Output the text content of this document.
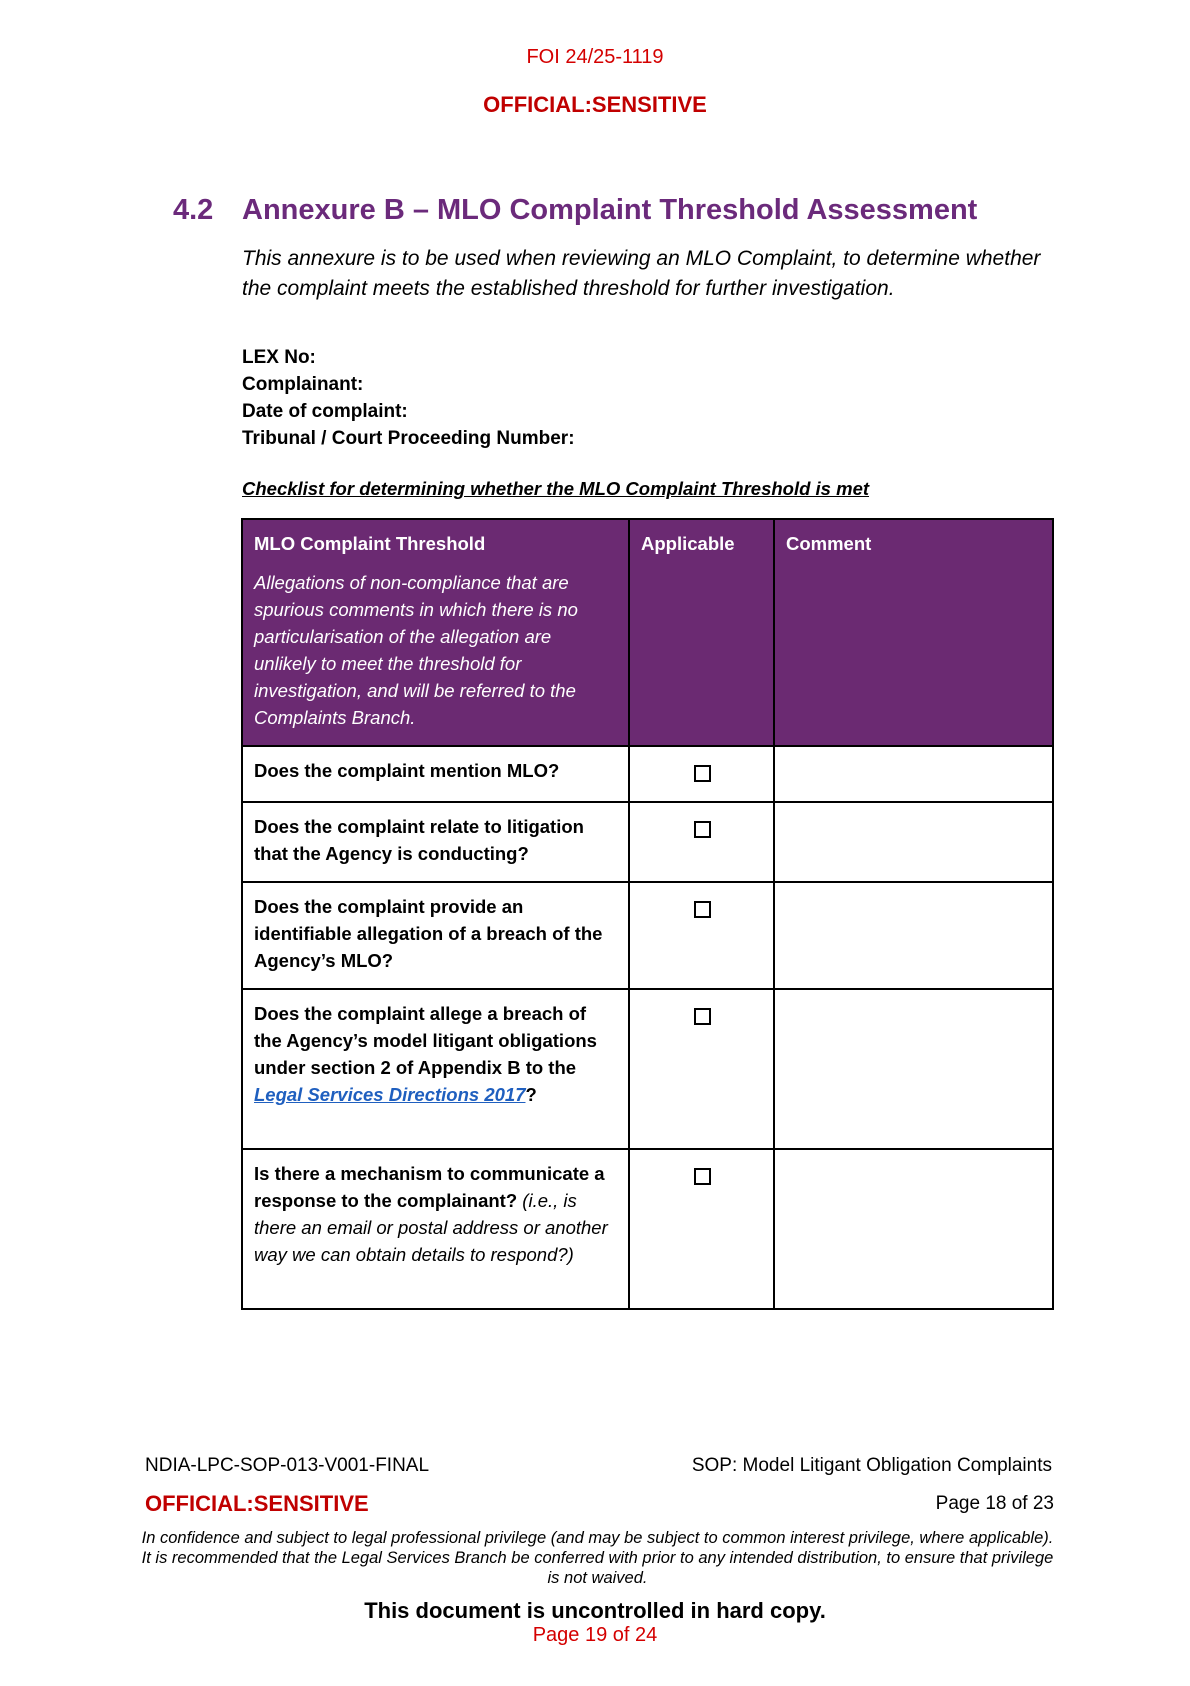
FOI 24/25-1119
OFFICIAL:SENSITIVE
4.2 Annexure B – MLO Complaint Threshold Assessment
This annexure is to be used when reviewing an MLO Complaint, to determine whether the complaint meets the established threshold for further investigation.
LEX No:
Complainant:
Date of complaint:
Tribunal / Court Proceeding Number:
Checklist for determining whether the MLO Complaint Threshold is met
MLO Complaint Threshold
Allegations of non-compliance that are spurious comments in which there is no particularisation of the allegation are unlikely to meet the threshold for investigation, and will be referred to the Complaints Branch.	Applicable	Comment
Does the complaint mention MLO?	

Does the complaint relate to litigation that the Agency is conducting?	

Does the complaint provide an identifiable allegation of a breach of the Agency’s MLO?	

Does the complaint allege a breach of the Agency’s model litigant obligations under section 2 of Appendix B to the Legal Services Directions 2017?	

Is there a mechanism to communicate a response to the complainant? (i.e., is there an email or postal address or another way we can obtain details to respond?)	

NDIA-LPC-SOP-013-V001-FINAL	SOP: Model Litigant Obligation Complaints
OFFICIAL:SENSITIVE	Page 18 of 23
In confidence and subject to legal professional privilege (and may be subject to common interest privilege, where applicable). It is recommended that the Legal Services Branch be conferred with prior to any intended distribution, to ensure that privilege is not waived.
This document is uncontrolled in hard copy.
Page 19 of 24
